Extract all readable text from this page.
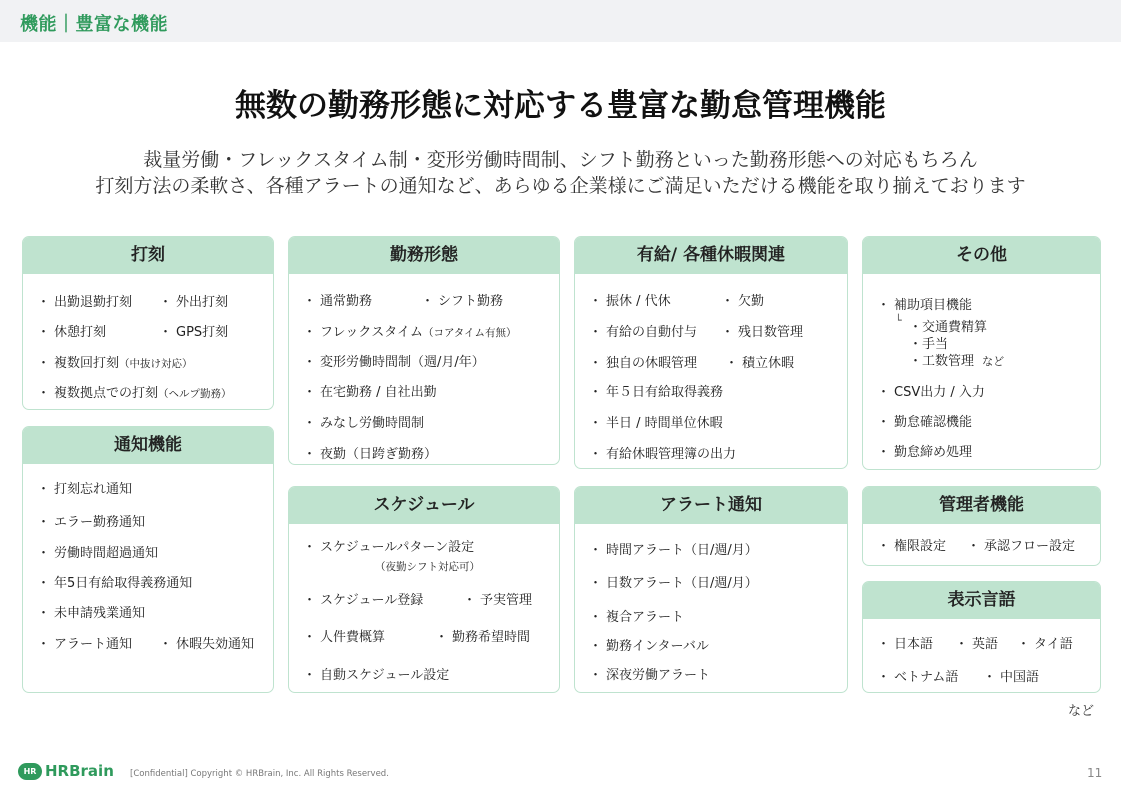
機能｜豊富な機能
無数の勤務形態に対応する豊富な勤怠管理機能
裁量労働・フレックスタイム制・変形労働時間制、シフト勤務といった勤務形態への対応もちろん
打刻方法の柔軟さ、各種アラートの通知など、あらゆる企業様にご満足いただける機能を取り揃えております
打刻
・ 出勤退勤打刻 ・ 外出打刻
・ 休憩打刻	・ GPS打刻
・ 複数回打刻（中抜け対応）
・ 複数拠点での打刻（ヘルプ勤務）
勤務形態
・ 通常勤務	・ シフト勤務
・ フレックスタイム（コアタイム有無）
・ 変形労働時間制（週/月/年）
・ 在宅勤務 / 自社出勤
・ みなし労働時間制
・ 夜勤（日跨ぎ勤務）
有給/ 各種休暇関連
・ 振休 / 代休	・ 欠勤
・ 有給の自動付与 ・ 残日数管理
・ 独自の休暇管理 ・ 積立休暇
・ 年５日有給取得義務
・ 半日 / 時間単位休暇
・ 有給休暇管理簿の出力
その他
・ 補助項目機能
└ ・交通費精算
・手当
・工数管理 など
・ CSV出力 / 入力
・ 勤怠確認機能
・ 勤怠締め処理
通知機能
・ 打刻忘れ通知
・ エラー勤務通知
・ 労働時間超過通知
・ 年5日有給取得義務通知
・ 未申請残業通知
・ アラート通知 ・ 休暇失効通知
スケジュール
・ スケジュールパターン設定
（夜勤シフト対応可）
・ スケジュール登録	・ 予実管理
・ 人件費概算	・ 勤務希望時間
・ 自動スケジュール設定
アラート通知
・ 時間アラート（日/週/月）
・ 日数アラート（日/週/月）
・ 複合アラート
・ 勤務インターバル
・ 深夜労働アラート
管理者機能
・ 権限設定 ・ 承認フロー設定
表示言語
・ 日本語 ・ 英語 ・ タイ語
・ ベトナム語 ・ 中国語
など
HR HRBrain [Confidential] Copyright © HRBrain, Inc. All Rights Reserved.	11
